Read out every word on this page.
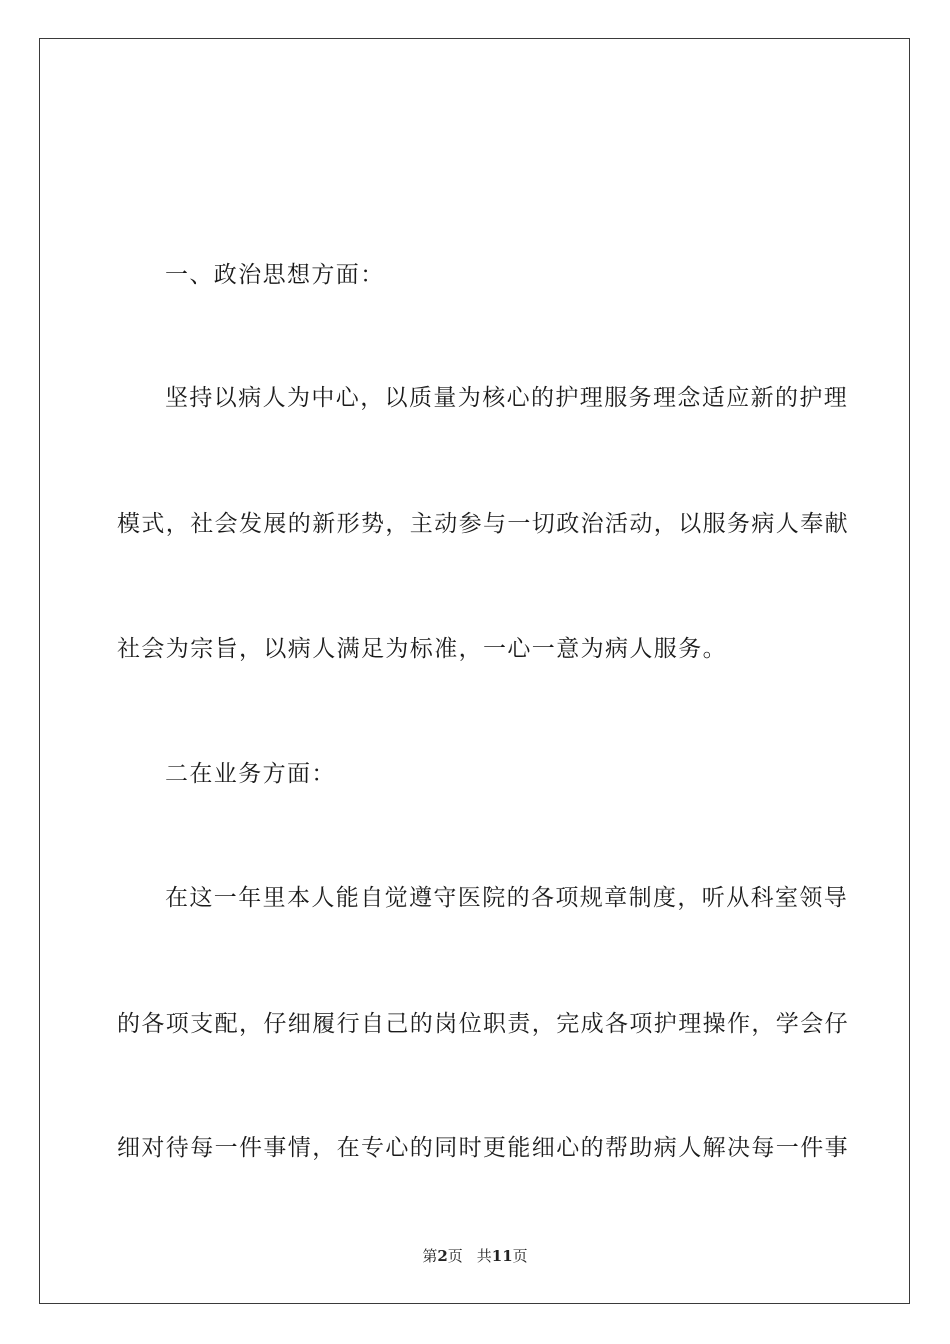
一、政治思想方面：
坚持以病人为中心，以质量为核心的护理服务理念适应新的护理
模式，社会发展的新形势，主动参与一切政治活动，以服务病人奉献
社会为宗旨，以病人满足为标准，一心一意为病人服务。
二在业务方面：
在这一年里本人能自觉遵守医院的各项规章制度，听从科室领导
的各项支配，仔细履行自己的岗位职责，完成各项护理操作，学会仔
细对待每一件事情，在专心的同时更能细心的帮助病人解决每一件事
第2页 共11页
